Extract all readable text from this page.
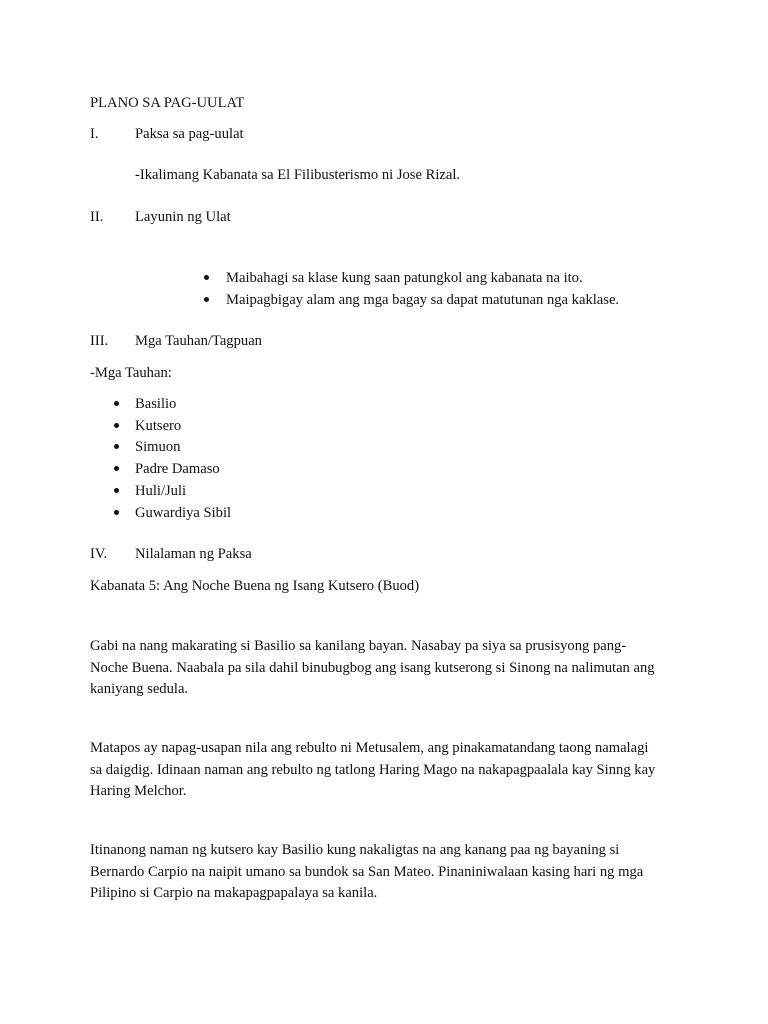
PLANO SA PAG-UULAT
I. Paksa sa pag-uulat
-Ikalimang Kabanata sa El Filibusterismo ni Jose Rizal.
II. Layunin ng Ulat
Maibahagi sa klase kung saan patungkol ang kabanata na ito.
Maipagbigay alam ang mga bagay sa dapat matutunan nga kaklase.
III. Mga Tauhan/Tagpuan
-Mga Tauhan:
Basilio
Kutsero
Simuon
Padre Damaso
Huli/Juli
Guwardiya Sibil
IV. Nilalaman ng Paksa
Kabanata 5: Ang Noche Buena ng Isang Kutsero (Buod)
Gabi na nang makarating si Basilio sa kanilang bayan. Nasabay pa siya sa prusisyong pang-
Noche Buena. Naabala pa sila dahil binubugbog ang isang kutserong si Sinong na nalimutan ang
kaniyang sedula.
Matapos ay napag-usapan nila ang rebulto ni Metusalem, ang pinakamatandang taong namalagi
sa daigdig. Idinaan naman ang rebulto ng tatlong Haring Mago na nakapagpaalala kay Sinng kay
Haring Melchor.
Itinanong naman ng kutsero kay Basilio kung nakaligtas na ang kanang paa ng bayaning si
Bernardo Carpio na naipit umano sa bundok sa San Mateo. Pinaniniwalaan kasing hari ng mga
Pilipino si Carpio na makapagpapalaya sa kanila.
